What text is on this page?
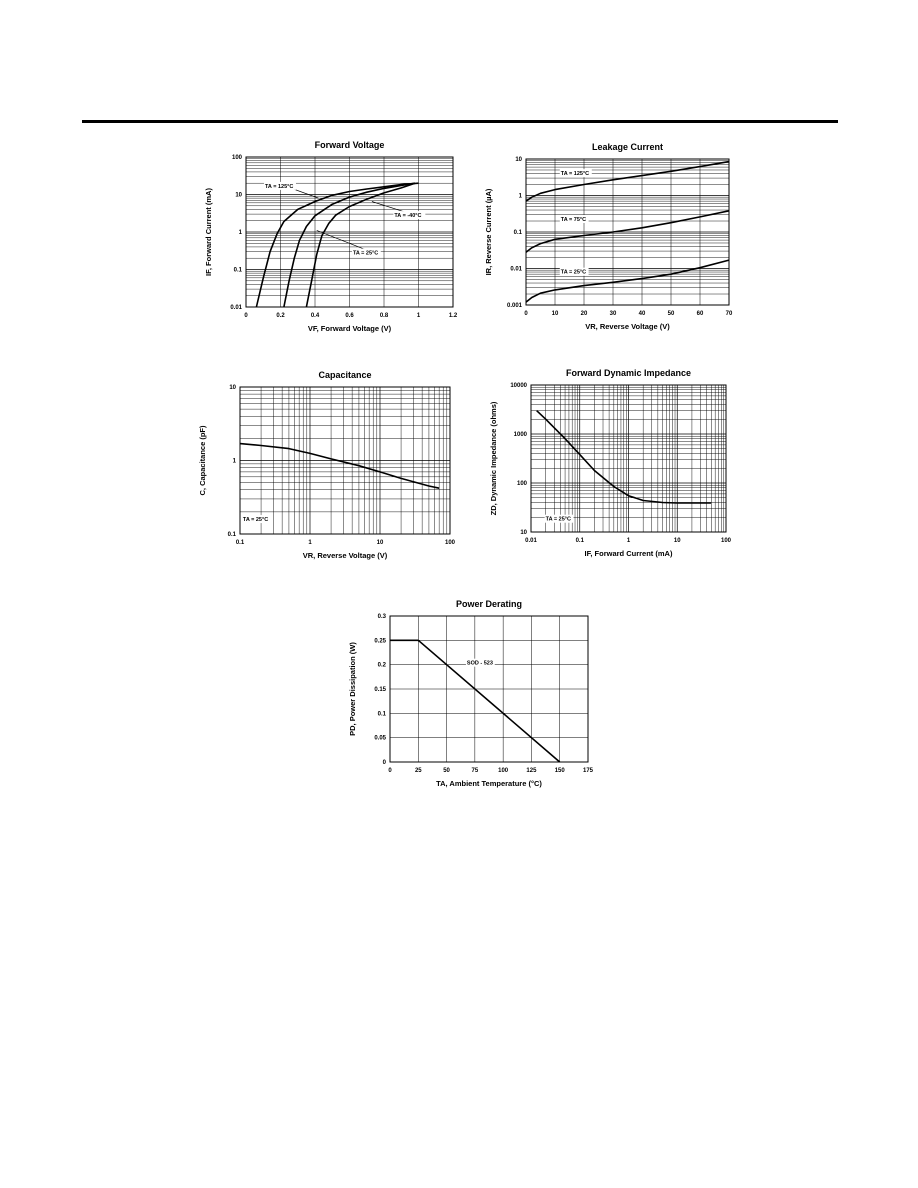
0	0.2	0.4	0.6	0.8	1	1.2
0.01
0.1
1
10
100
Forward Voltage
VF, Forward Voltage (V)
IF, Forward Current (mA)
TA = 125°C
TA = -40°C
TA = 25°C
0	10	20	30	40	50	60	70
0.001
0.01
0.1
1
10
Leakage Current
VR, Reverse Voltage (V)
IR, Reverse Current (µA)
TA = 125°C
TA = 75°C
TA = 25°C
0.1	1	10	100
0.1
1
10
Capacitance
VR, Reverse Voltage (V)
C, Capacitance (pF)
TA = 25°C
0.01	0.1	1	10	100
10
100
1000
10000
Forward Dynamic Impedance
IF, Forward Current (mA)
ZD, Dynamic Impedance (ohms)
TA = 25°C
0	25	50	75	100	125	150	175
0
0.05
0.1
0.15
0.2
0.25
0.3
Power Derating
TA, Ambient Temperature (°C)
PD, Power Dissipation (W)	SOD - 523
